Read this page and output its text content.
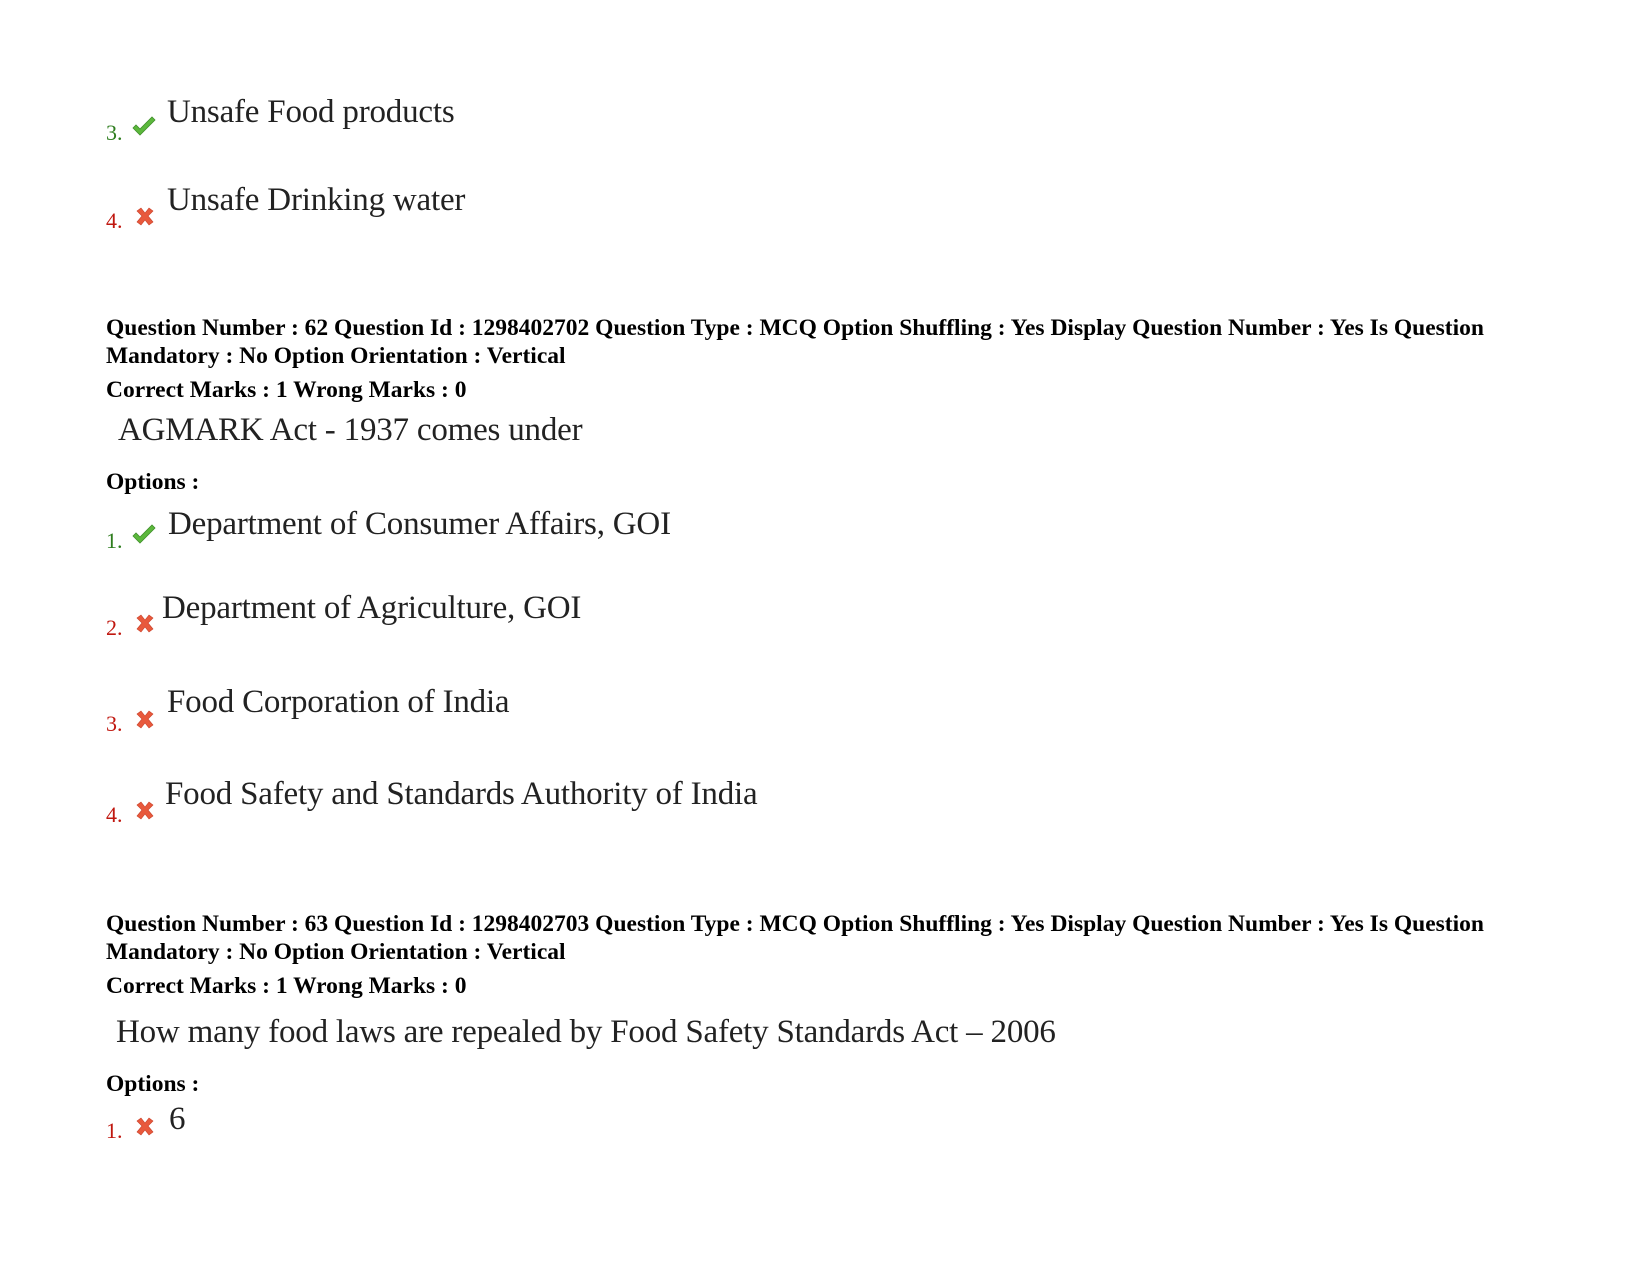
3.
Unsafe Food products
4.
Unsafe Drinking water
Question Number : 62 Question Id : 1298402702 Question Type : MCQ Option Shuffling : Yes Display Question Number : Yes Is Question Mandatory : No Option Orientation : Vertical
Correct Marks : 1 Wrong Marks : 0
AGMARK Act - 1937 comes under
Options :
1. Department of Consumer Affairs, GOI
2.
Department of Agriculture, GOI
3.
Food Corporation of India
4.
Food Safety and Standards Authority of India
Question Number : 63 Question Id : 1298402703 Question Type : MCQ Option Shuffling : Yes Display Question Number : Yes Is Question Mandatory : No Option Orientation : Vertical
Correct Marks : 1 Wrong Marks : 0
How many food laws are repealed by Food Safety Standards Act – 2006
Options :
1. 6
